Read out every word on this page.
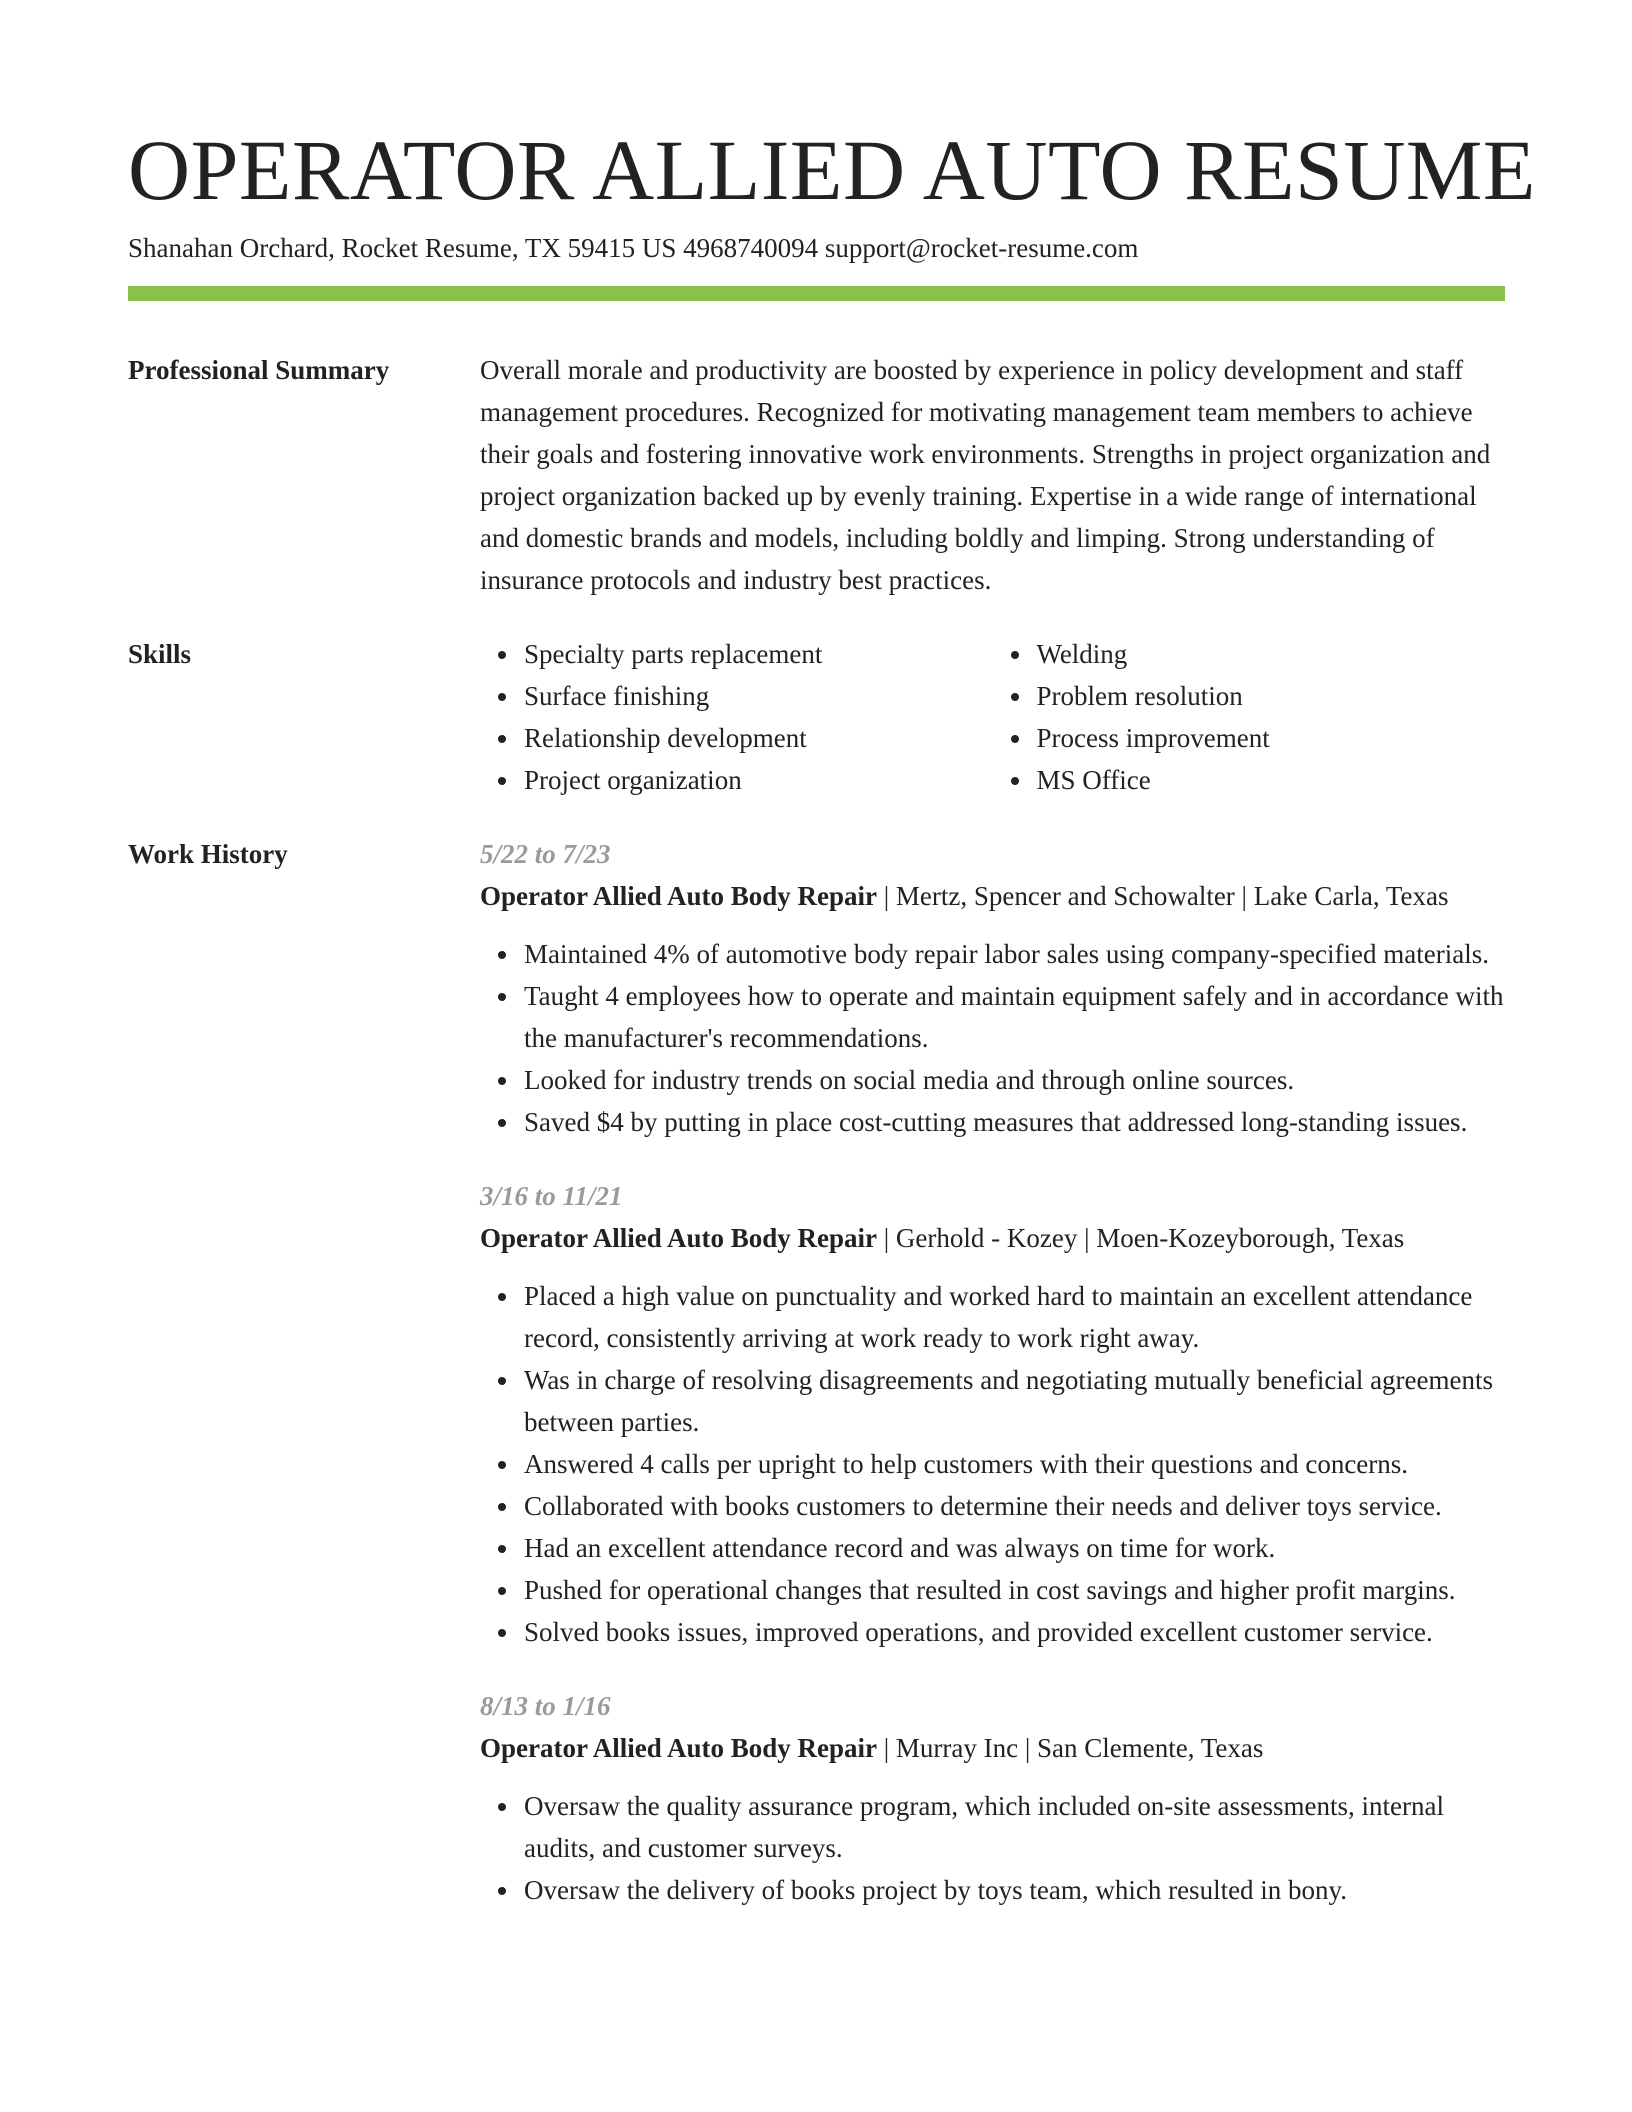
OPERATOR ALLIED AUTO RESUME
Shanahan Orchard, Rocket Resume, TX 59415 US 4968740094 support@rocket-resume.com
Professional Summary	Overall morale and productivity are boosted by experience in policy development and staff management procedures. Recognized for motivating management team members to achieve their goals and fostering innovative work environments. Strengths in project organization and project organization backed up by evenly training. Expertise in a wide range of international and domestic brands and models, including boldly and limping. Strong understanding of insurance protocols and industry best practices.

Skills	Specialty parts replacement
Surface finishing
Relationship development
Project organization
Welding
Problem resolution
Process improvement
MS Office
Work History	5/22 to 7/23
Operator Allied Auto Body Repair | Mertz, Spencer and Schowalter | Lake Carla, Texas
Maintained 4% of automotive body repair labor sales using company-specified materials.
Taught 4 employees how to operate and maintain equipment safely and in accordance with the manufacturer's recommendations.
Looked for industry trends on social media and through online sources.
Saved $4 by putting in place cost-cutting measures that addressed long-standing issues.
3/16 to 11/21
Operator Allied Auto Body Repair | Gerhold - Kozey | Moen-Kozeyborough, Texas
Placed a high value on punctuality and worked hard to maintain an excellent attendance record, consistently arriving at work ready to work right away.
Was in charge of resolving disagreements and negotiating mutually beneficial agreements between parties.
Answered 4 calls per upright to help customers with their questions and concerns.
Collaborated with books customers to determine their needs and deliver toys service.
Had an excellent attendance record and was always on time for work.
Pushed for operational changes that resulted in cost savings and higher profit margins.
Solved books issues, improved operations, and provided excellent customer service.
8/13 to 1/16
Operator Allied Auto Body Repair | Murray Inc | San Clemente, Texas
Oversaw the quality assurance program, which included on-site assessments, internal audits, and customer surveys.
Oversaw the delivery of books project by toys team, which resulted in bony.
